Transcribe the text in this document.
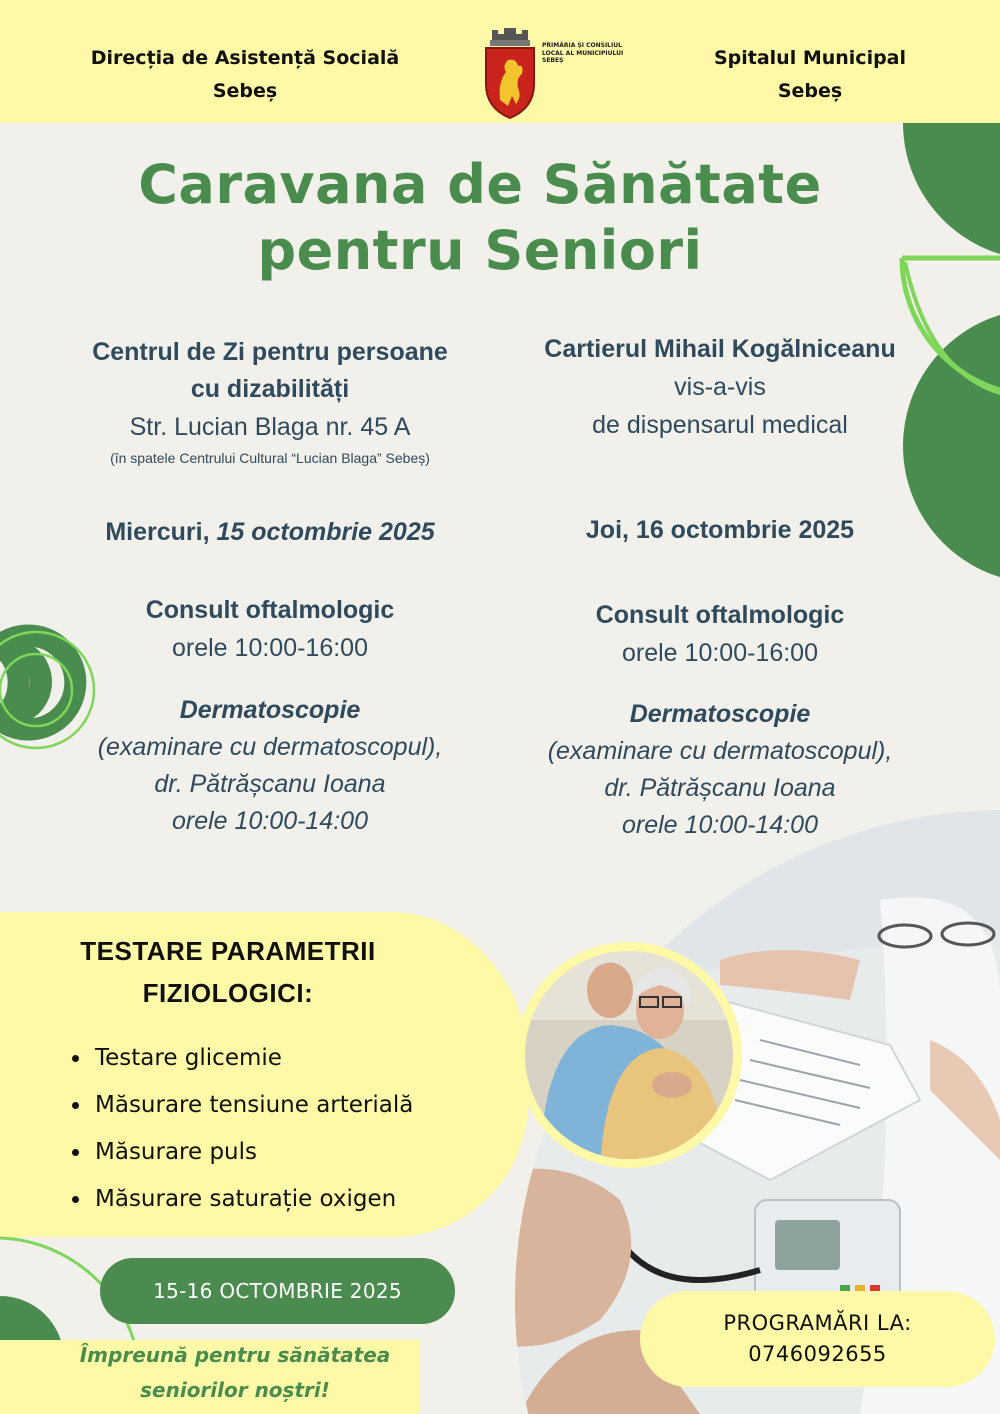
Direcția de Asistență Socială
Sebeș
PRIMĂRIA ȘI CONSILIUL
LOCAL AL MUNICIPIULUI
SEBEȘ	Spitalul Municipal
Sebeș
Caravana de Sănătate
pentru Seniori
Centrul de Zi pentru persoane
cu dizabilități
Str. Lucian Blaga nr. 45 A
(în spatele Centrului Cultural “Lucian Blaga” Sebeș)
Miercuri, 15 octombrie 2025
Consult oftalmologic
orele 10:00-16:00
Dermatoscopie
(examinare cu dermatoscopul),
dr. Pătrășcanu Ioana
orele 10:00-14:00
Cartierul Mihail Kogălniceanu
vis-a-vis
de dispensarul medical
Joi, 16 octombrie 2025
Consult oftalmologic
orele 10:00-16:00
Dermatoscopie
(examinare cu dermatoscopul),
dr. Pătrășcanu Ioana
orele 10:00-14:00
TESTARE PARAMETRII
FIZIOLOGICI:
Testare glicemie
Măsurare tensiune arterială
Măsurare puls
Măsurare saturație oxigen
15-16 OCTOMBRIE 2025
Împreună pentru sănătatea
seniorilor noștri!
PROGRAMĂRI LA:
0746092655
